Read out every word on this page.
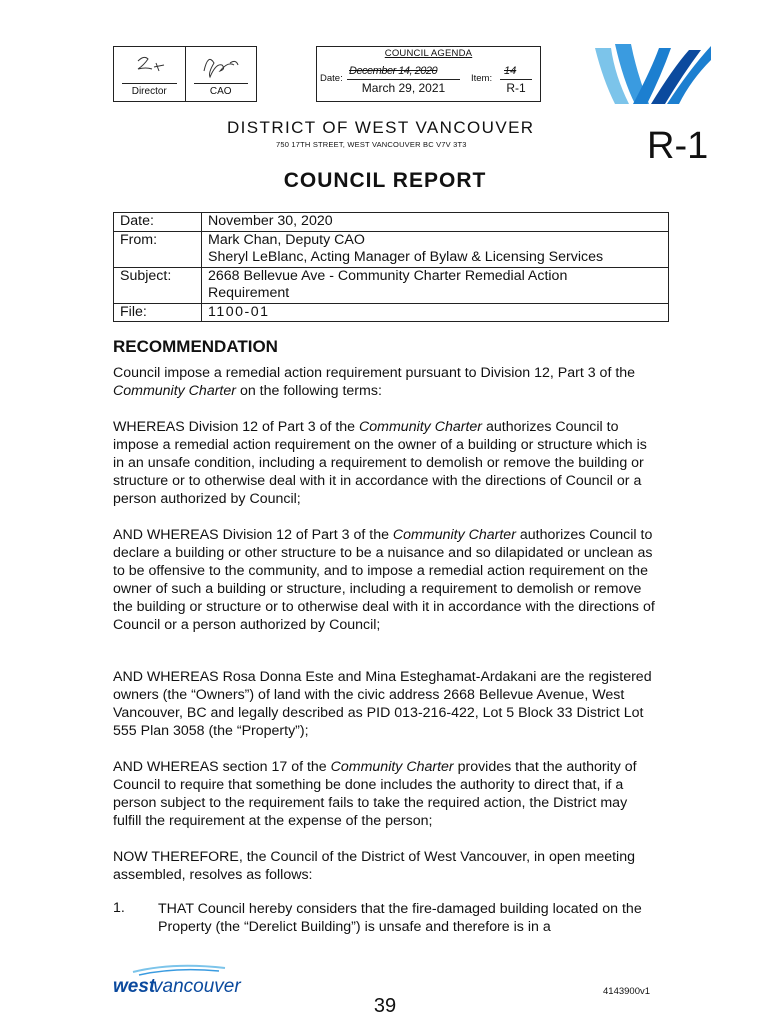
Director	CAO
COUNCIL AGENDA
Date:
December 14, 2020
March 29, 2021
Item:
14
R-1
DISTRICT OF WEST VANCOUVER
750 17TH STREET, WEST VANCOUVER BC V7V 3T3	R-1
COUNCIL REPORT
Date:	November 30, 2020
From:	Mark Chan, Deputy CAO
Sheryl LeBlanc, Acting Manager of Bylaw & Licensing Services

Subject:	2668 Bellevue Ave - Community Charter Remedial Action
Requirement

File:	1100-01
RECOMMENDATION

Council impose a remedial action requirement pursuant to Division 12, Part 3 of the Community Charter on the following terms:

WHEREAS Division 12 of Part 3 of the Community Charter authorizes Council to impose a remedial action requirement on the owner of a building or structure which is in an unsafe condition, including a requirement to demolish or remove the building or structure or to otherwise deal with it in accordance with the directions of Council or a person authorized by Council;

AND WHEREAS Division 12 of Part 3 of the Community Charter authorizes Council to declare a building or other structure to be a nuisance and so dilapidated or unclean as to be offensive to the community, and to impose a remedial action requirement on the owner of such a building or structure, including a requirement to demolish or remove the building or structure or to otherwise deal with it in accordance with the directions of Council or a person authorized by Council;

AND WHEREAS Rosa Donna Este and Mina Esteghamat-Ardakani are the registered owners (the “Owners”) of land with the civic address 2668 Bellevue Avenue, West Vancouver, BC and legally described as PID 013-216-422, Lot 5 Block 33 District Lot 555 Plan 3058 (the “Property”);

AND WHEREAS section 17 of the Community Charter provides that the authority of Council to require that something be done includes the authority to direct that, if a person subject to the requirement fails to take the required action, the District may fulfill the requirement at the expense of the person;

NOW THEREFORE, the Council of the District of West Vancouver, in open meeting assembled, resolves as follows:

1. THAT Council hereby considers that the fire-damaged building located on the Property (the “Derelict Building”) is unsafe and therefore is in a
west
vancouver	4143900v1
39
